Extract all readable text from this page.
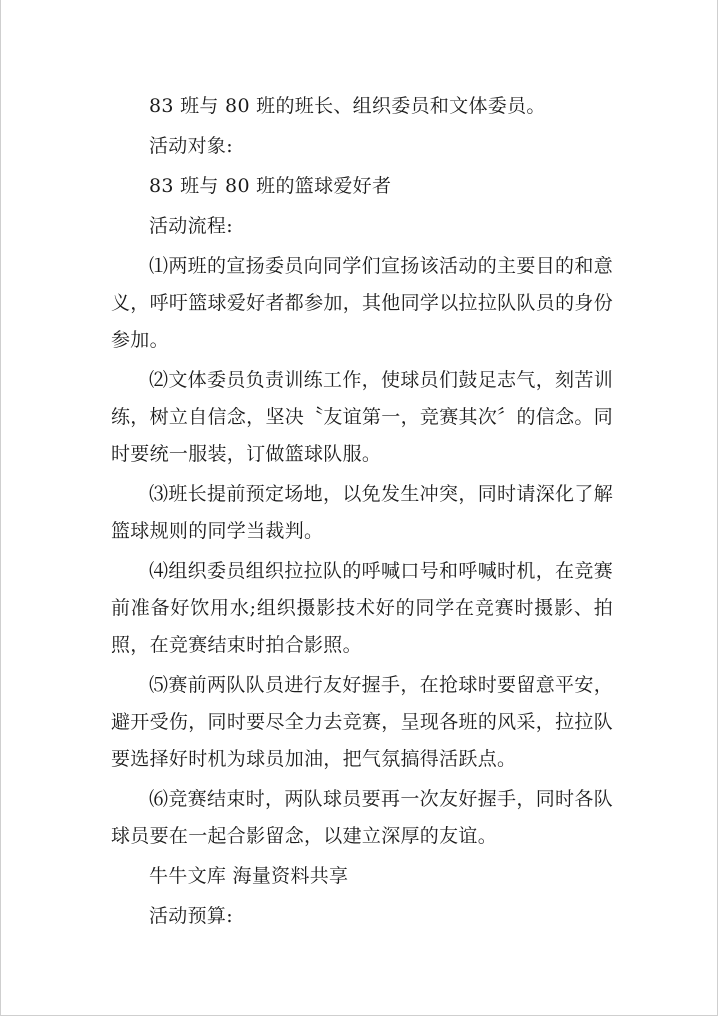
83 班与 80 班的班长、组织委员和文体委员。

活动对象:

83 班与 80 班的篮球爱好者

活动流程:

⑴两班的宣扬委员向同学们宣扬该活动的主要目的和意义，呼吁篮球爱好者都参加，其他同学以拉拉队队员的身份参加。

⑵文体委员负责训练工作，使球员们鼓足志气，刻苦训练，树立自信念，坚决〝友谊第一，竞赛其次〞的信念。同时要统一服装，订做篮球队服。

⑶班长提前预定场地，以免发生冲突，同时请深化了解篮球规则的同学当裁判。

⑷组织委员组织拉拉队的呼喊口号和呼喊时机，在竞赛前准备好饮用水;组织摄影技术好的同学在竞赛时摄影、拍照，在竞赛结束时拍合影照。

⑸赛前两队队员进行友好握手，在抢球时要留意平安，避开受伤，同时要尽全力去竞赛，呈现各班的风采，拉拉队要选择好时机为球员加油，把气氛搞得活跃点。

⑹竞赛结束时，两队球员要再一次友好握手，同时各队球员要在一起合影留念，以建立深厚的友谊。

牛牛文库 海量资料共享

活动预算:
